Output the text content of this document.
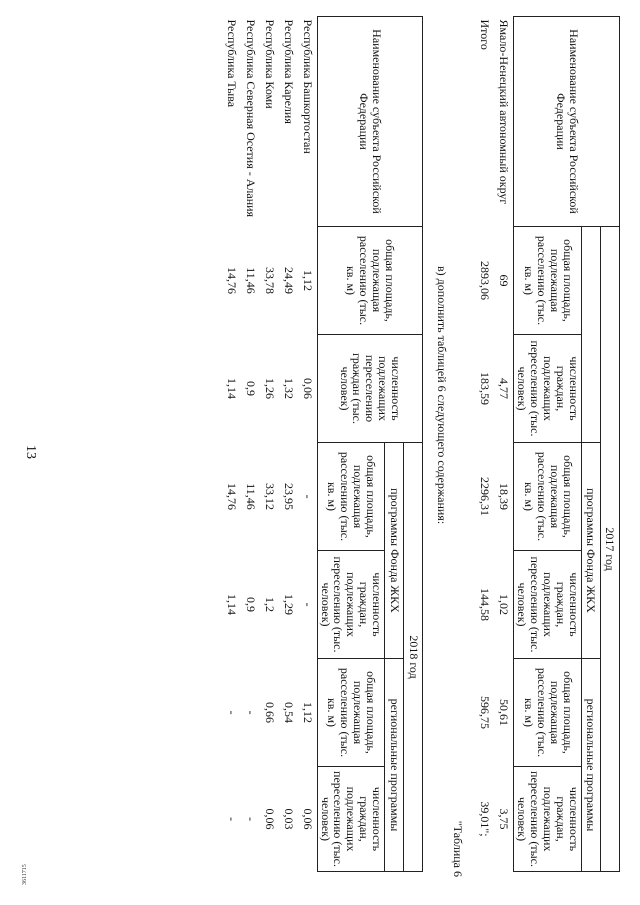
13
3611715
Наименование субъекта Российской Федерации	2017 год					
			программы Фонда ЖКХ		региональные программы	
	общая площадь, подлежащая расселению (тыс. кв. м)	численность граждан, подлежащих переселению (тыс. человек)	общая площадь, подлежащая расселению (тыс. кв. м)	численность граждан, подлежащих переселению (тыс. человек)	общая площадь, подлежащая расселению (тыс. кв. м)	численность граждан, подлежащих переселению (тыс. человек)
Ямало-Ненецкий автономный округ	69	4,77	18,39	1,02	50,61	3,75
Итого	2893,06	183,59	2296,31	144,58	596,75	39,01";
"Таблица 6
в) дополнить таблицей 6 следующего содержания:
Наименование субъекта Российской Федерации	общая площадь, подлежащая расселению (тыс. кв. м)	численность подлежащих переселению граждан (тыс. человек)	2018 год			
			программы Фонда ЖКХ		региональные программы	
			общая площадь, подлежащая расселению (тыс. кв. м)	численность граждан, подлежащих переселению (тыс. человек)	общая площадь, подлежащая расселению (тыс. кв. м)	численность граждан, подлежащих переселению (тыс. человек)
Республика Башкортостан	1,12	0,06	-	-	1,12	0,06
Республика Карелия	24,49	1,32	23,95	1,29	0,54	0,03
Республика Коми	33,78	1,26	33,12	1,2	0,66	0,06
Республика Северная Осетия - Алания	11,46	0,9	11,46	0,9	-	-
Республика Тыва	14,76	1,14	14,76	1,14	-	-
